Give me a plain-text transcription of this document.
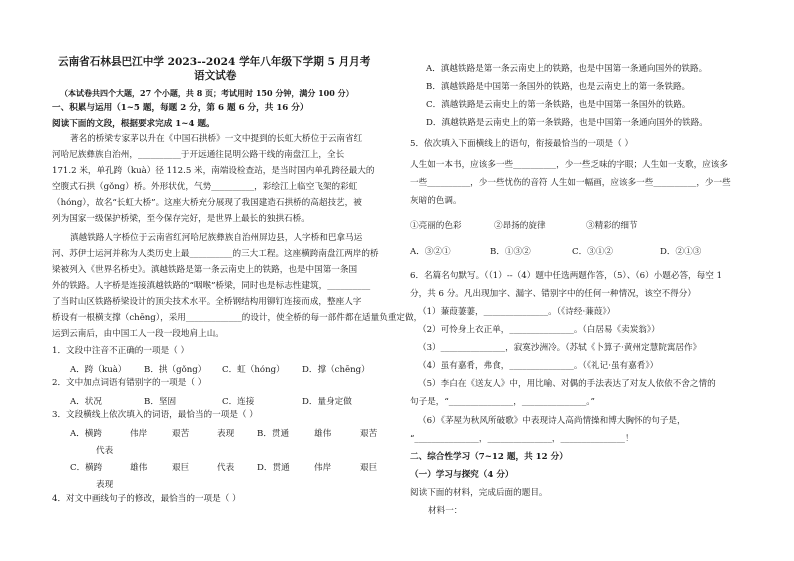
云南省石林县巴江中学 2023--2024 学年八年级下学期 5 月月考
语文试卷
（本试卷共四个大题，27 个小题，共 8 页；考试用时 150 分钟，满分 100 分）
一、积累与运用（1~5 题，每题 2 分，第 6 题 6 分，共 16 分）
阅读下面的文段，根据要求完成 1~4 题。
著名的桥梁专家茅以升在《中国石拱桥》一文中提到的长虹大桥位于云南省红
河哈尼族彝族自治州，__________于开远通往昆明公路干线的南盘江上，全长
171.2 米，单孔跨（kuà）径 112.5 米，南端设检查站，是当时国内单孔跨径最大的
空腹式石拱（gǒng）桥。外形状优，气势__________，彩绘江上临空飞架的彩虹
（hóng），故名“长虹大桥”。这座大桥充分展现了我国建造石拱桥的高超技艺，被
列为国家一级保护桥梁，至今保存完好，是世界上最长的独拱石桥。
滇越铁路人字桥位于云南省红河哈尼族彝族自治州屏边县，人字桥和巴拿马运
河、苏伊士运河并称为人类历史上最__________的三大工程。这座横跨南盘江两岸的桥
梁被列入《世界名桥史》。滇越铁路是第一条云南史上的铁路，也是中国第一条国
外的铁路。人字桥是连接滇越铁路的“咽喉”桥梁，同时也是标志性建筑，__________
了当时山区铁路桥梁设计的顶尖技术水平。全桥钢结构用铆钉连接而成，整座人字
桥设有一根横支撑（chēng），采用_____________的设计，使全桥的每一部件都在适量负重定做，
运到云南后，由中国工人一段一段地肩上山。
1．文段中注音不正确的一项是（ ）
A．跨（kuà） B．拱（gǒng） C．虹（hóng） D．撑（chēng）
2．文中加点词语有错别字的一项是（ ）
A．状况	B．坚固	C．连接	D．量身定做
3．文段横线上依次填入的词语，最恰当的一项是（ ）
A．横跨	伟岸	艰苦	表现	B．贯通	雄伟	艰苦
代表
C．横跨	雄伟	艰巨	代表	D．贯通	伟岸	艰巨
表现
4．对文中画线句子的修改，最恰当的一项是（ ）
A．滇越铁路是第一条云南史上的铁路，也是中国第一条通向国外的铁路。
B．滇越铁路是中国第一条国外的铁路，也是云南史上的第一条铁路。
C．滇越铁路是云南史上的第一条铁路，也是中国第一条国外的铁路。
D．滇越铁路是云南史上的第一条铁路，也是中国第一条通向国外的铁路。
5．依次填入下面横线上的语句，衔接最恰当的一项是（ ）
人生如一本书，应该多一些__________，少一些乏味的字眼；人生如一支歌，应该多
一些__________，少一些忧伤的音符 人生如一幅画，应该多一些__________，少一些
灰暗的色调。
①亮丽的色彩	②昂扬的旋律	③精彩的细节
A．③②①	B．①③②	C．③①②	D．②①③
6．名篇名句默写。（（1）--（4）题中任选两题作答，（5）、（6）小题必答，每空 1
分，共 6 分。凡出现加字、漏字、错别字中的任何一种情况，该空不得分）
（1）蒹葭萋萋，_______________。（《诗经·蒹葭》）
（2）可怜身上衣正单，_______________。（白居易《卖炭翁》）
（3）_______________，寂寞沙洲冷。（苏轼《卜算子·黄州定慧院寓居作》
（4）虽有嘉肴，弗食，_______________。（《礼记·虽有嘉肴》）
（5）李白在《送友人》中，用比喻、对偶的手法表达了对友人依依不舍之情的
句子是，“_______________，_______________。”
（6）《茅屋为秋风所破歌》中表现诗人高尚情操和博大胸怀的句子是，
“_______________，_______________，_______________！
二、综合性学习（7~12 题，共 12 分）
（一）学习与探究（4 分）
阅读下面的材料，完成后面的题目。
材料一：
